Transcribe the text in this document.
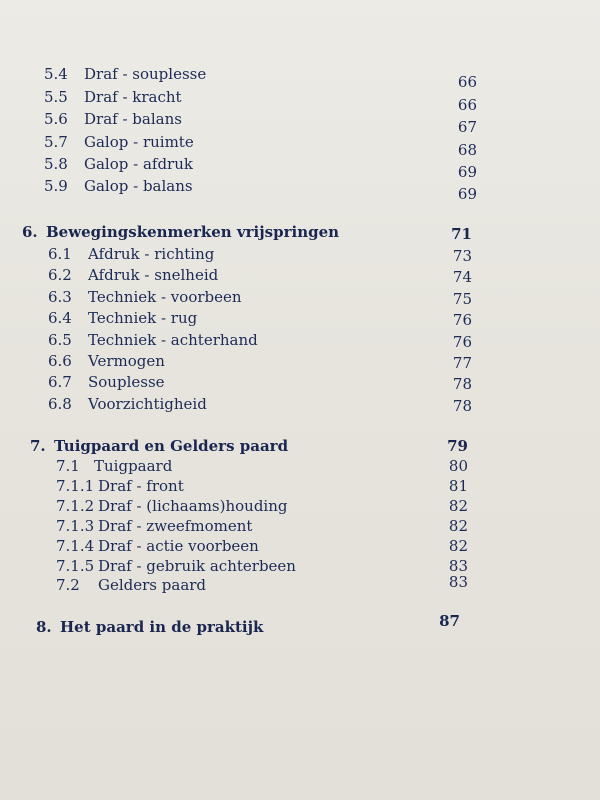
5.4 Draf - souplesse	66
5.5 Draf - kracht	66
5.6 Draf - balans	67
5.7 Galop - ruimte	68
5.8 Galop - afdruk	69
5.9 Galop - balans	69
6. Bewegingskenmerken vrijspringen	71
6.1 Afdruk - richting	73
6.2 Afdruk - snelheid	74
6.3 Techniek - voorbeen	75
6.4 Techniek - rug	76
6.5 Techniek - achterhand	76
6.6 Vermogen	77
6.7 Souplesse	78
6.8 Voorzichtigheid	78
7. Tuigpaard en Gelders paard	79
7.1 Tuigpaard	80
7.1.1 Draf - front	81
7.1.2 Draf - (lichaams)houding	82
7.1.3 Draf - zweefmoment	82
7.1.4 Draf - actie voorbeen	82
7.1.5 Draf - gebruik achterbeen	83
7.2 Gelders paard	83
8. Het paard in de praktijk	87
